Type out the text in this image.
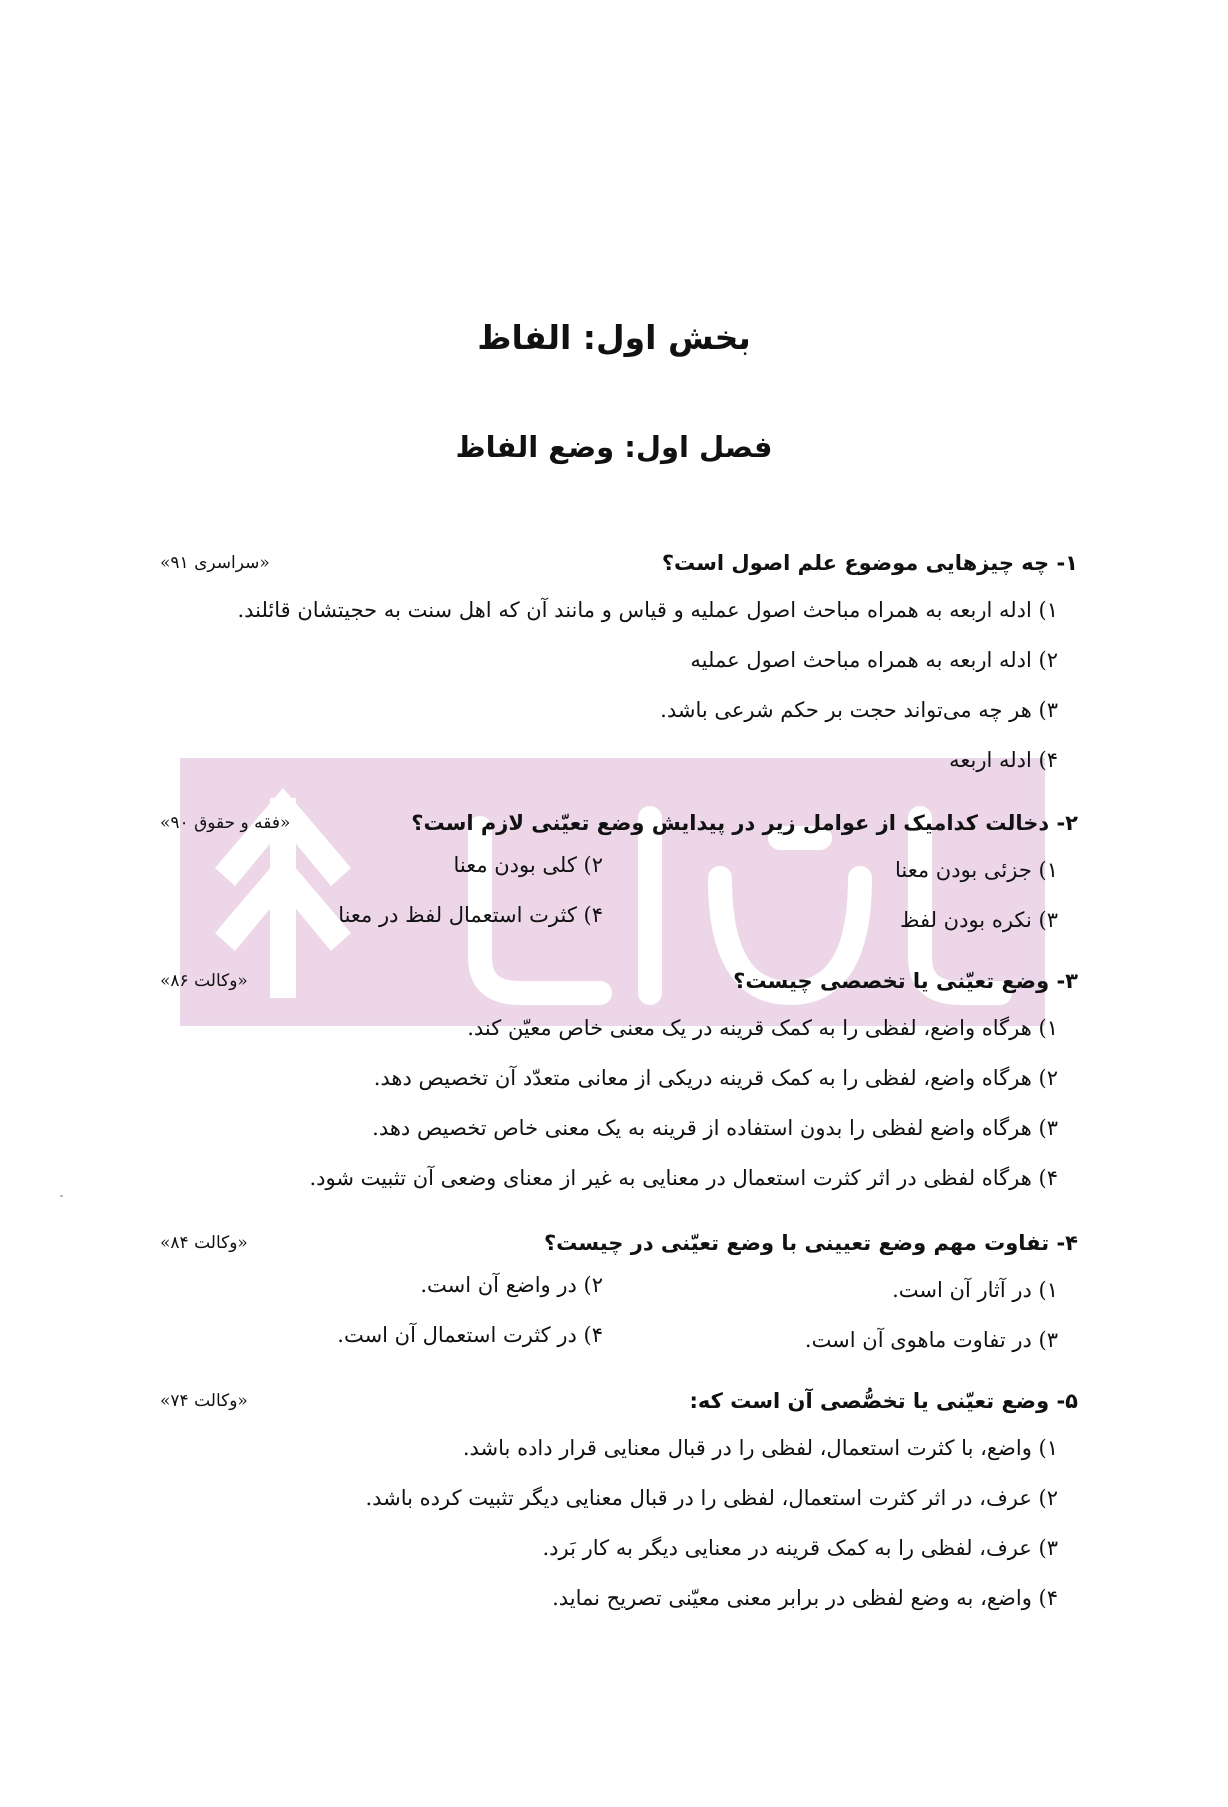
بخش اول: الفاظ
فصل اول: وضع الفاظ
۱- چه چیزهایی موضوع علم اصول است؟
«سراسری ۹۱»
۱) ادله اربعه به همراه مباحث اصول عملیه و قیاس و مانند آن که اهل سنت به حجیتشان قائلند.
۲) ادله اربعه به همراه مباحث اصول عملیه
۳) هر چه می‌تواند حجت بر حکم شرعی باشد.
۴) ادله اربعه
۲- دخالت کدامیک از عوامل زیر در پیدایش وضع تعیّنی لازم است؟
«فقه و حقوق ۹۰»
۱) جزئی بودن معنا
۲) کلی بودن معنا
۳) نکره بودن لفظ
۴) کثرت استعمال لفظ در معنا
۳- وضع تعیّنی یا تخصصی چیست؟
«وکالت ۸۶»
۱) هرگاه واضع، لفظی را به کمک قرینه در یک معنی خاص معیّن کند.
۲) هرگاه واضع، لفظی را به کمک قرینه دریکی از معانی متعدّد آن تخصیص دهد.
۳) هرگاه واضع لفظی را بدون استفاده از قرینه به یک معنی خاص تخصیص دهد.
۴) هرگاه لفظی در اثر کثرت استعمال در معنایی به غیر از معنای وضعی آن تثبیت شود.
۴- تفاوت مهم وضع تعیینی با وضع تعیّنی در چیست؟
«وکالت ۸۴»
۱) در آثار آن است.
۲) در واضع آن است.
۳) در تفاوت ماهوی آن است.
۴) در کثرت استعمال آن است.
۵- وضع تعیّنی یا تخصُّصی آن است که:
«وکالت ۷۴»
۱) واضع، با کثرت استعمال، لفظی را در قبال معنایی قرار داده باشد.
۲) عرف، در اثر کثرت استعمال، لفظی را در قبال معنایی دیگر تثبیت کرده باشد.
۳) عرف، لفظی را به کمک قرینه در معنایی دیگر به کار بَرد.
۴) واضع، به وضع لفظی در برابر معنی معیّنی تصریح نماید.
